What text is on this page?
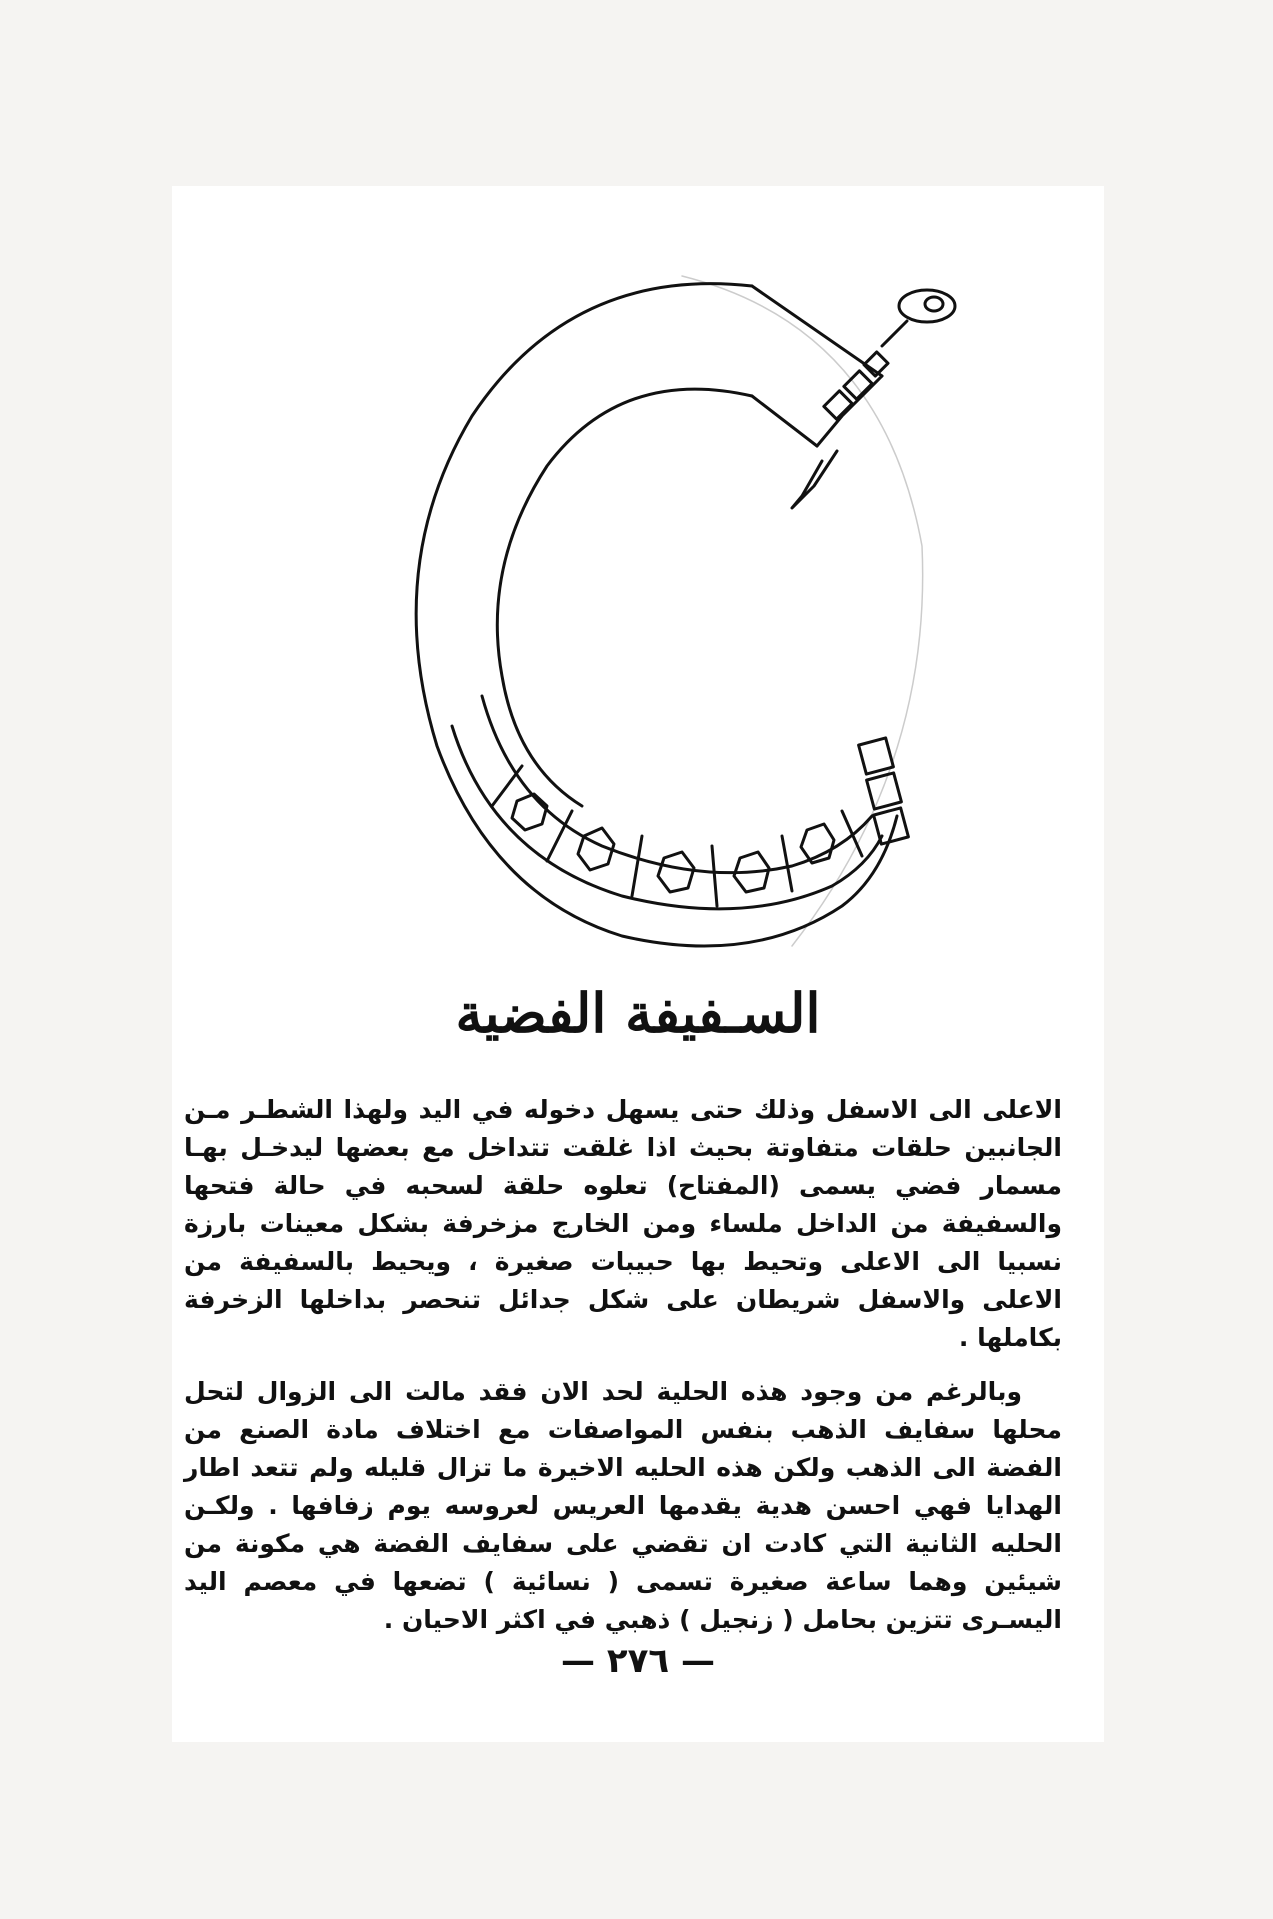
السـفيفة الفضية

الاعلى الى الاسفل وذلك حتى يسهل دخوله في اليد ولهذا الشطـر مـن الجانبين حلقات متفاوتة بحيث اذا غلقت تتداخل مع بعضها ليدخـل بهـا مسمار فضي يسمى (المفتاح) تعلوه حلقة لسحبه في حالة فتحها والسفيفة من الداخل ملساء ومن الخارج مزخرفة بشكل معينات بارزة نسبيا الى الاعلى وتحيط بها حبيبات صغيرة ، ويحيط بالسفيفة من الاعلى والاسفل شريطان على شكل جدائل تنحصر بداخلها الزخرفة بكاملها .

وبالرغم من وجود هذه الحلية لحد الان فقد مالت الى الزوال لتحل محلها سفايف الذهب بنفس المواصفات مع اختلاف مادة الصنع من الفضة الى الذهب ولكن هذه الحليه الاخيرة ما تزال قليله ولم تتعد اطار الهدايا فهي احسن هدية يقدمها العريس لعروسه يوم زفافها . ولكـن الحليه الثانية التي كادت ان تقضي على سفايف الفضة هي مكونة من شيئين وهما ساعة صغيرة تسمى ( نسائية ) تضعها في معصم اليد اليسـرى تتزين بحامل ( زنجيل ) ذهبي في اكثر الاحيان .

— ٢٧٦ —
